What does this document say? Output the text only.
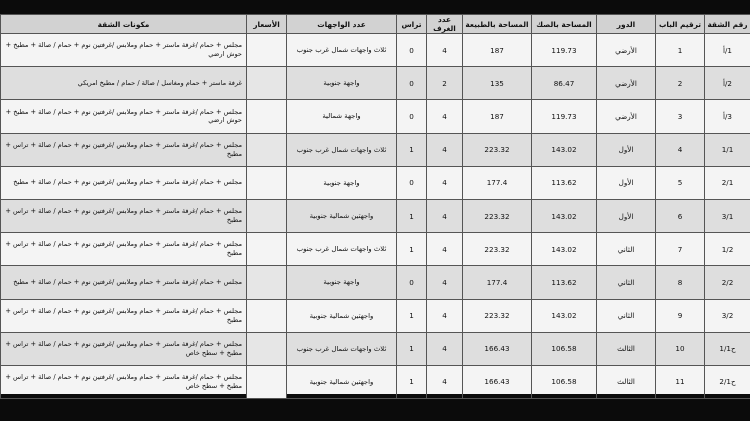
رقم الشقة	ترقيم الباب	الدور	المساحة بالصك	المساحة بالطبيعة	عدد الغرف	تراس	عدد الواجهات	الأسعار	مكونات الشقة
1/أ	1	الأرضي	119.73	187	4	0	ثلاث واجهات شمال غرب جنوب		مجلس + حمام /غرفة ماستر + حمام وملابس /غرفتين نوم + حمام / صالة + مطبخ + حوش ارضي
2/أ	2	الأرضي	86.47	135	2	0	واجهة جنوبية		غرفة ماستر + حمام ومغاسل / صالة / حمام / مطبخ امريكي
3/أ	3	الأرضي	119.73	187	4	0	واجهة شمالية		مجلس + حمام /غرفة ماستر + حمام وملابس /غرفتين نوم + حمام / صالة + مطبخ + حوش ارضي
1/1	4	الأول	143.02	223.32	4	1	ثلاث واجهات شمال غرب جنوب		مجلس + حمام /غرفة ماستر + حمام وملابس /غرفتين نوم + حمام / صالة + تراس + مطبخ
2/1	5	الأول	113.62	177.4	4	0	واجهة جنوبية		مجلس + حمام /غرفة ماستر + حمام وملابس /غرفتين نوم + حمام / صالة + مطبخ
3/1	6	الأول	143.02	223.32	4	1	واجهتين شمالية جنوبية		مجلس + حمام /غرفة ماستر + حمام وملابس /غرفتين نوم + حمام / صالة + تراس + مطبخ
1/2	7	الثاني	143.02	223.32	4	1	ثلاث واجهات شمال غرب جنوب		مجلس + حمام /غرفة ماستر + حمام وملابس /غرفتين نوم + حمام / صالة + تراس + مطبخ
2/2	8	الثاني	113.62	177.4	4	0	واجهة جنوبية		مجلس + حمام /غرفة ماستر + حمام وملابس /غرفتين نوم + حمام / صالة + مطبخ
3/2	9	الثاني	143.02	223.32	4	1	واجهتين شمالية جنوبية		مجلس + حمام /غرفة ماستر + حمام وملابس /غرفتين نوم + حمام / صالة + تراس + مطبخ
ح1/1	10	الثالث	106.58	166.43	4	1	ثلاث واجهات شمال غرب جنوب		مجلس + حمام /غرفة ماستر + حمام وملابس /غرفتين نوم + حمام / صالة + تراس + مطبخ + سطح خاص
ح2/1	11	الثالث	106.58	166.43	4	1	واجهتين شمالية جنوبية		مجلس + حمام /غرفة ماستر + حمام وملابس /غرفتين نوم + حمام / صالة + تراس + مطبخ + سطح خاص
